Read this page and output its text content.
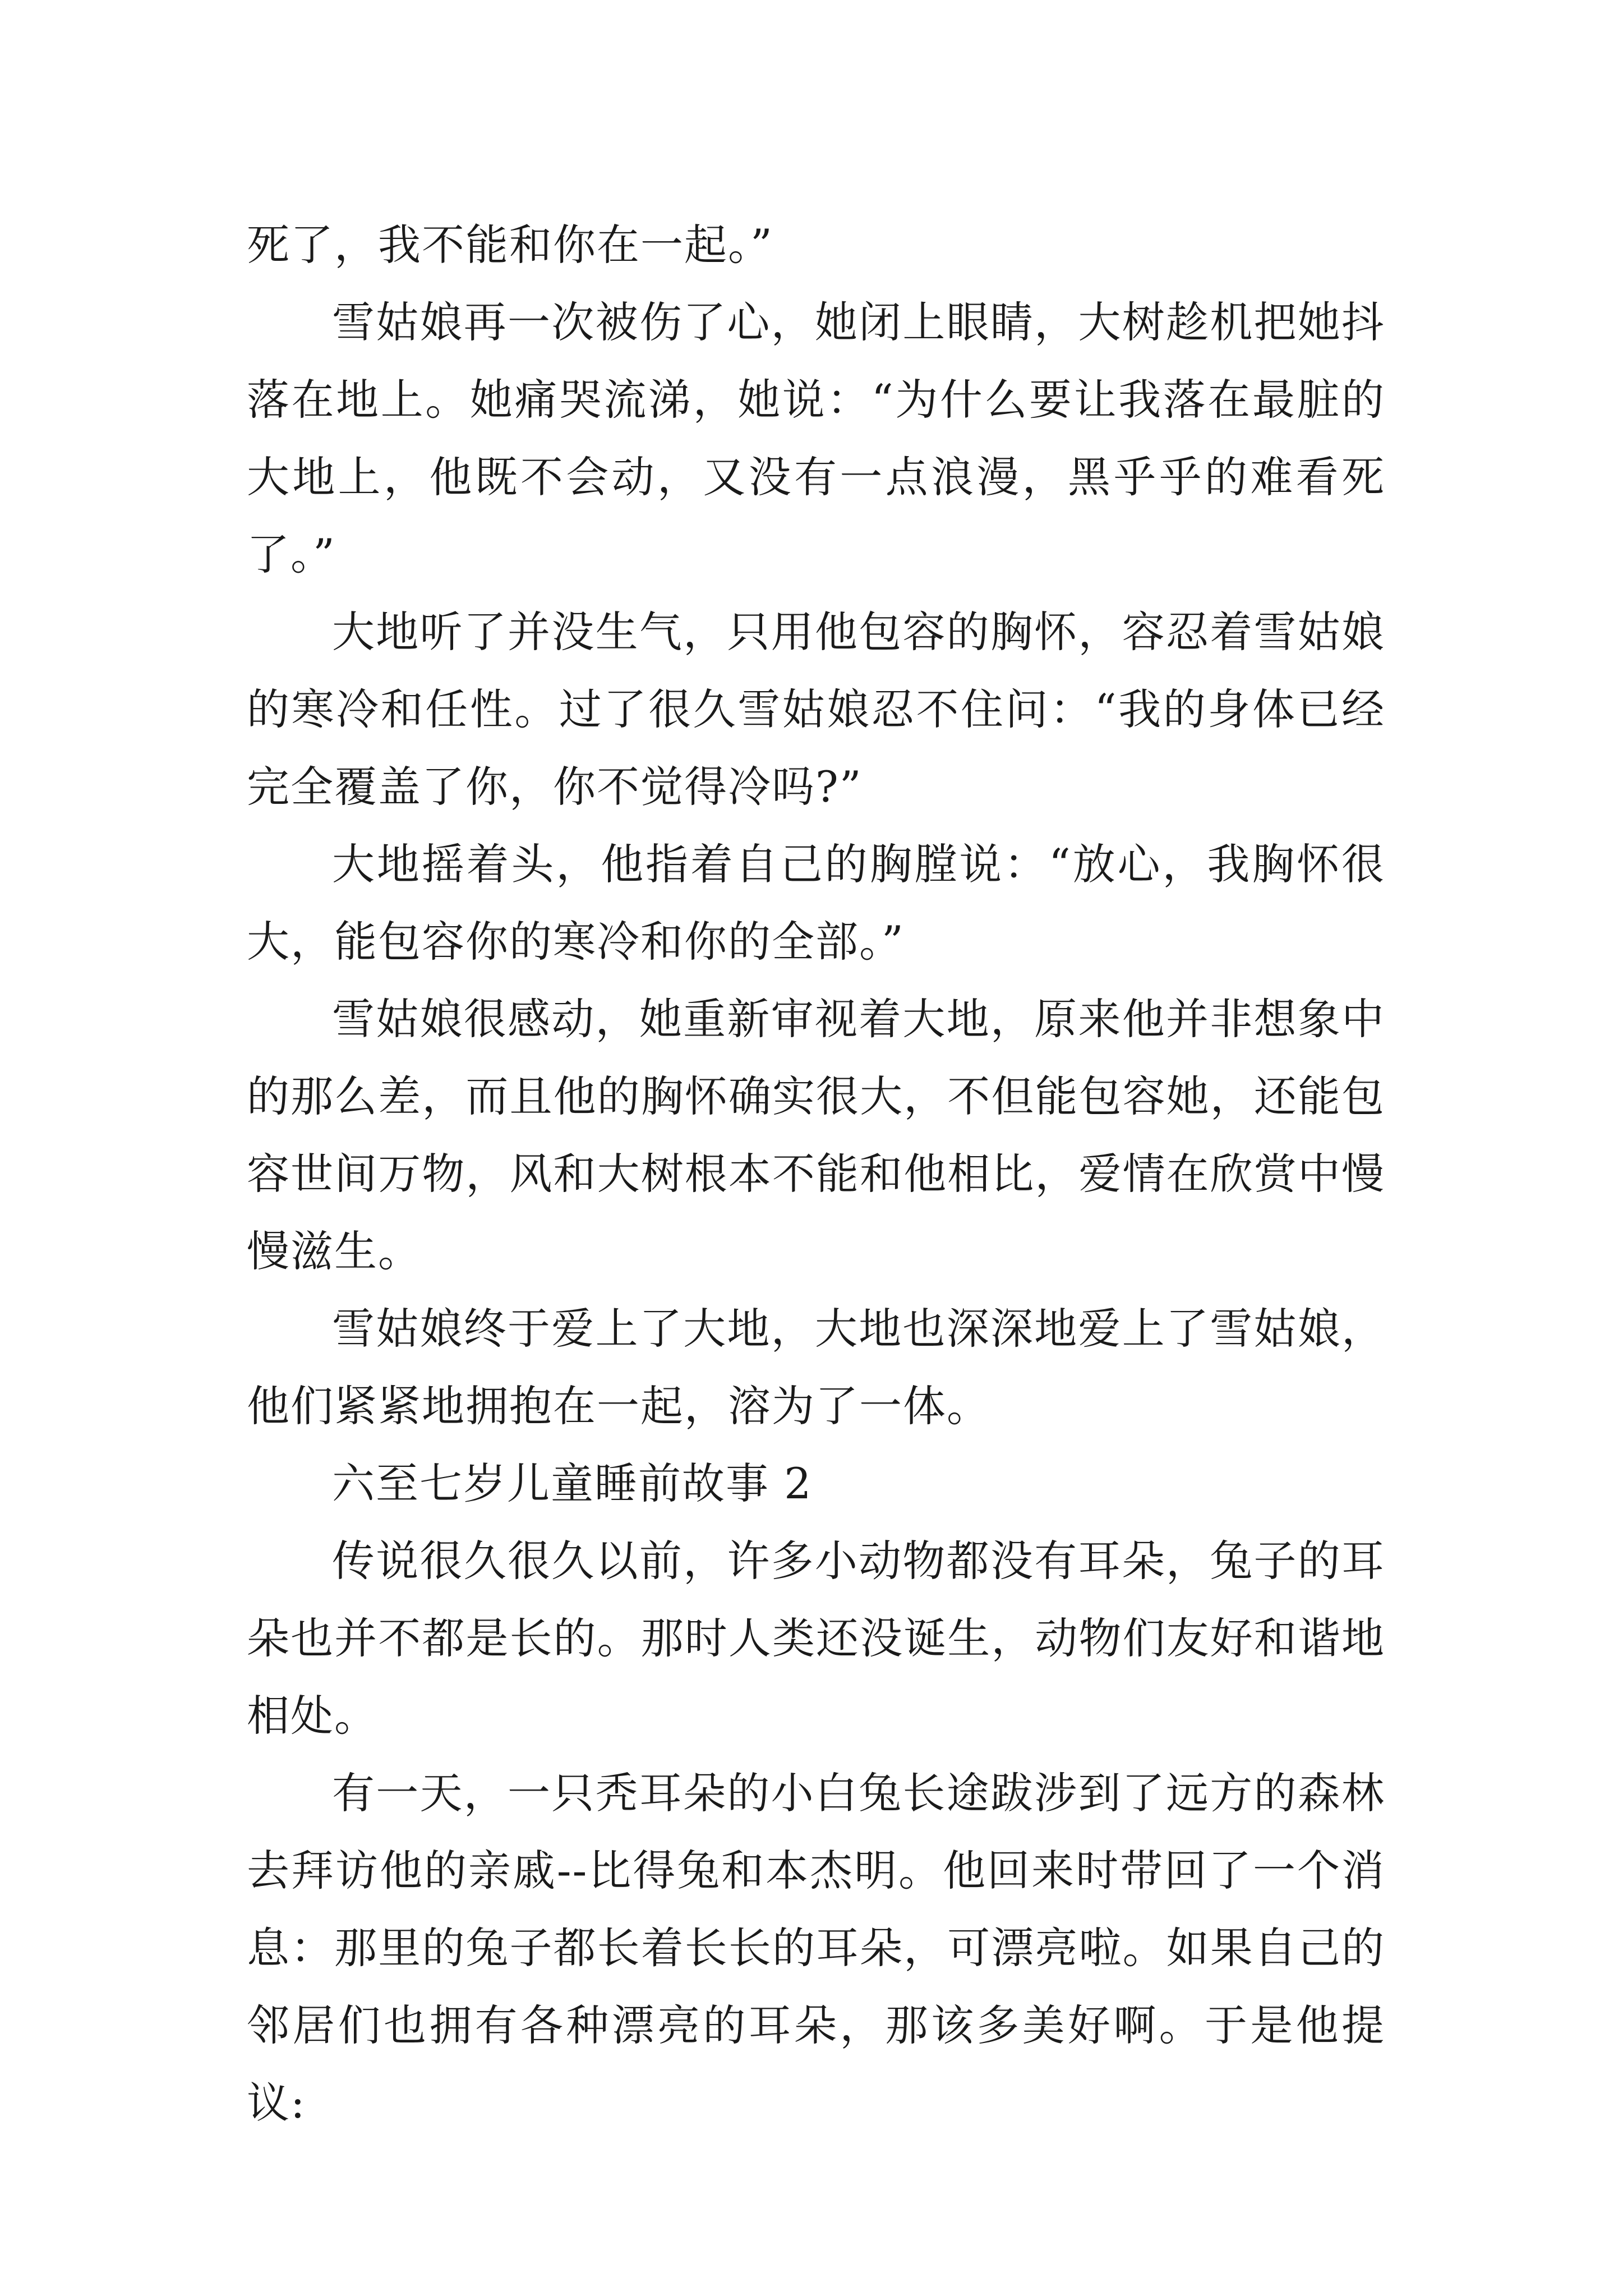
死了，我不能和你在一起。”

雪姑娘再一次被伤了心，她闭上眼睛，大树趁机把她抖落在地上。她痛哭流涕，她说：“为什么要让我落在最脏的大地上，他既不会动，又没有一点浪漫，黑乎乎的难看死了。”

大地听了并没生气，只用他包容的胸怀，容忍着雪姑娘的寒冷和任性。过了很久雪姑娘忍不住问：“我的身体已经完全覆盖了你，你不觉得冷吗?”

大地摇着头，他指着自己的胸膛说：“放心，我胸怀很大，能包容你的寒冷和你的全部。”

雪姑娘很感动，她重新审视着大地，原来他并非想象中的那么差，而且他的胸怀确实很大，不但能包容她，还能包容世间万物，风和大树根本不能和他相比，爱情在欣赏中慢慢滋生。

雪姑娘终于爱上了大地，大地也深深地爱上了雪姑娘，他们紧紧地拥抱在一起，溶为了一体。

六至七岁儿童睡前故事 2

传说很久很久以前，许多小动物都没有耳朵，兔子的耳朵也并不都是长的。那时人类还没诞生，动物们友好和谐地相处。

有一天，一只秃耳朵的小白兔长途跋涉到了远方的森林去拜访他的亲戚--比得兔和本杰明。他回来时带回了一个消息：那里的兔子都长着长长的耳朵，可漂亮啦。如果自己的邻居们也拥有各种漂亮的耳朵，那该多美好啊。于是他提议:
